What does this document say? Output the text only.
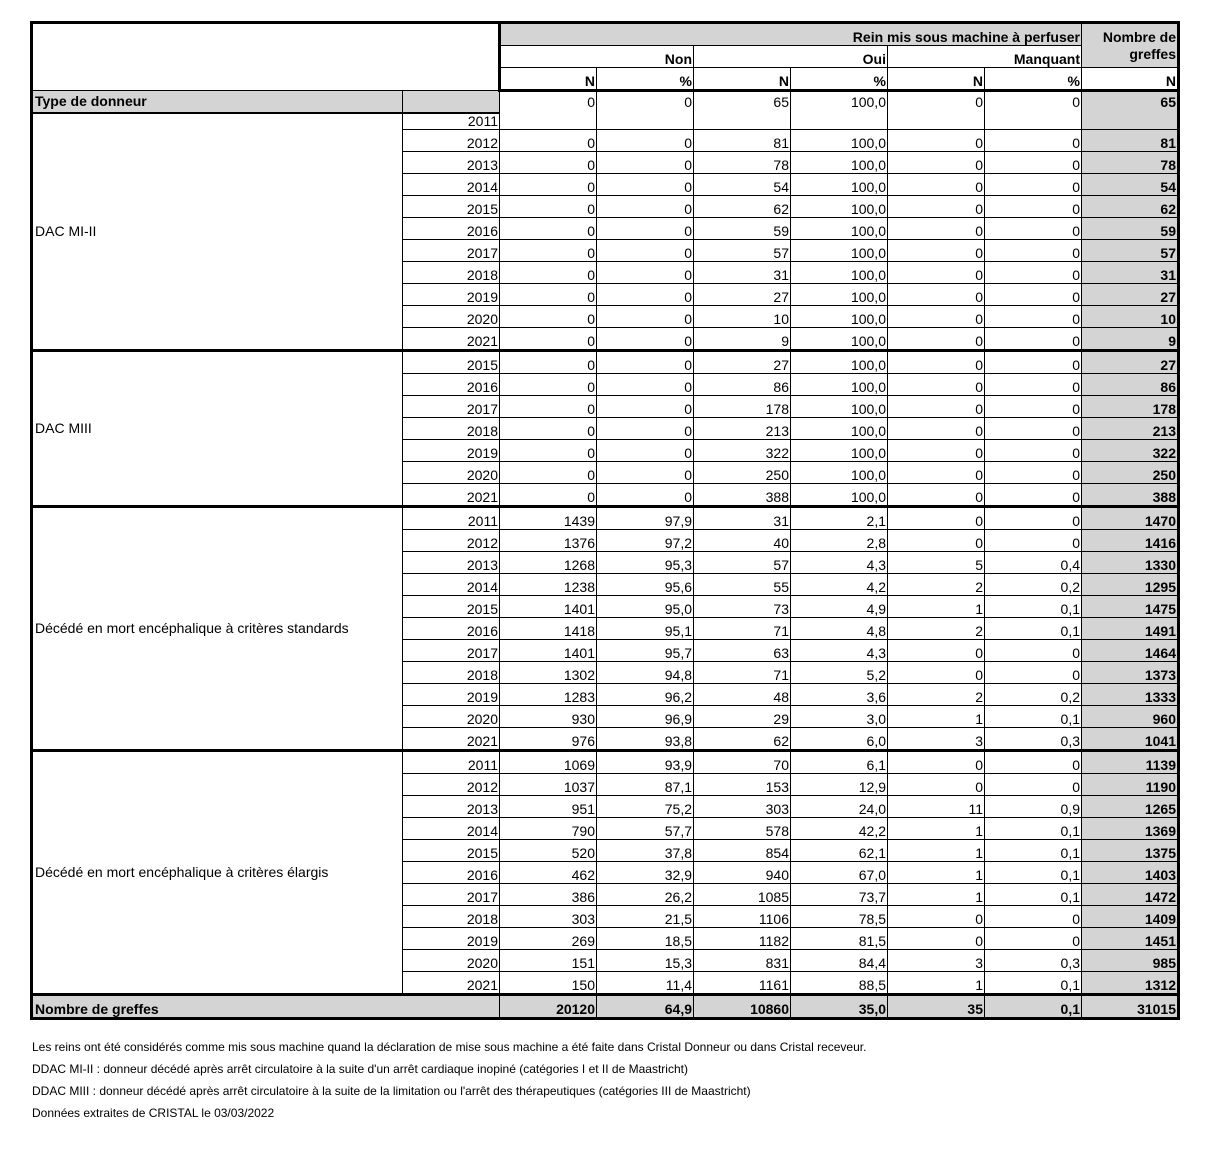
		Rein mis sous machine à perfuser						Nombre de greffes
		Non		Oui		Manquant		
		N	%	N	%	N	%	N
Type de donneur		0	0	65	100,0	0	0	65
DAC MI-II	2011							
	2012	0	0	81	100,0	0	0	81
	2013	0	0	78	100,0	0	0	78
	2014	0	0	54	100,0	0	0	54
	2015	0	0	62	100,0	0	0	62
	2016	0	0	59	100,0	0	0	59
	2017	0	0	57	100,0	0	0	57
	2018	0	0	31	100,0	0	0	31
	2019	0	0	27	100,0	0	0	27
	2020	0	0	10	100,0	0	0	10
	2021	0	0	9	100,0	0	0	9
DAC MIII	2015	0	0	27	100,0	0	0	27
	2016	0	0	86	100,0	0	0	86
	2017	0	0	178	100,0	0	0	178
	2018	0	0	213	100,0	0	0	213
	2019	0	0	322	100,0	0	0	322
	2020	0	0	250	100,0	0	0	250
	2021	0	0	388	100,0	0	0	388
Décédé en mort encéphalique à critères standards	2011	1439	97,9	31	2,1	0	0	1470
	2012	1376	97,2	40	2,8	0	0	1416
	2013	1268	95,3	57	4,3	5	0,4	1330
	2014	1238	95,6	55	4,2	2	0,2	1295
	2015	1401	95,0	73	4,9	1	0,1	1475
	2016	1418	95,1	71	4,8	2	0,1	1491
	2017	1401	95,7	63	4,3	0	0	1464
	2018	1302	94,8	71	5,2	0	0	1373
	2019	1283	96,2	48	3,6	2	0,2	1333
	2020	930	96,9	29	3,0	1	0,1	960
	2021	976	93,8	62	6,0	3	0,3	1041
Décédé en mort encéphalique à critères élargis	2011	1069	93,9	70	6,1	0	0	1139
	2012	1037	87,1	153	12,9	0	0	1190
	2013	951	75,2	303	24,0	11	0,9	1265
	2014	790	57,7	578	42,2	1	0,1	1369
	2015	520	37,8	854	62,1	1	0,1	1375
	2016	462	32,9	940	67,0	1	0,1	1403
	2017	386	26,2	1085	73,7	1	0,1	1472
	2018	303	21,5	1106	78,5	0	0	1409
	2019	269	18,5	1182	81,5	0	0	1451
	2020	151	15,3	831	84,4	3	0,3	985
	2021	150	11,4	1161	88,5	1	0,1	1312
Nombre de greffes		20120	64,9	10860	35,0	35	0,1	31015
Les reins ont été considérés comme mis sous machine quand la déclaration de mise sous machine a été faite dans Cristal Donneur ou dans Cristal receveur.
DDAC MI-II : donneur décédé après arrêt circulatoire à la suite d'un arrêt cardiaque inopiné (catégories I et II de Maastricht)
DDAC MIII : donneur décédé après arrêt circulatoire à la suite de la limitation ou l'arrêt des thérapeutiques (catégories III de Maastricht)
Données extraites de CRISTAL le 03/03/2022
